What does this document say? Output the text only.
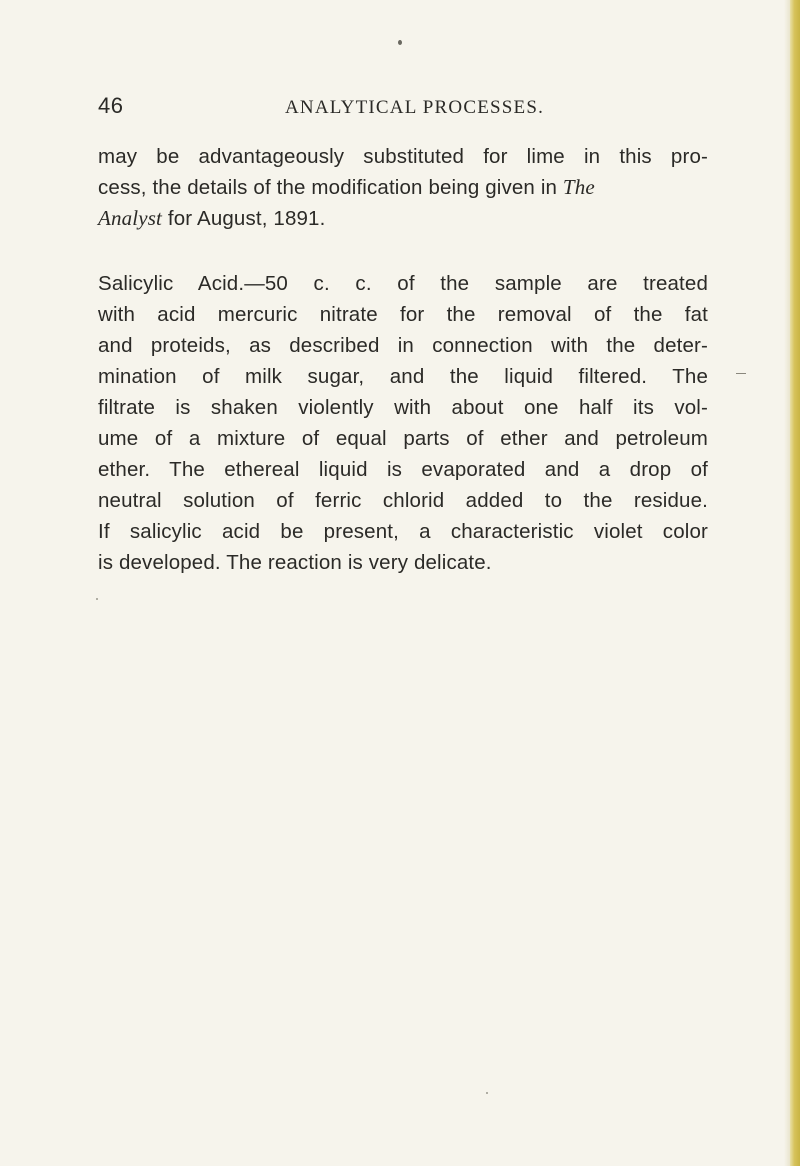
46	ANALYTICAL PROCESSES.
may be advantageously substituted for lime in this pro-
cess, the details of the modification being given in The
Analyst for August, 1891.
Salicylic Acid.—50 c. c. of the sample are treated
with acid mercuric nitrate for the removal of the fat
and proteids, as described in connection with the deter-
mination of milk sugar, and the liquid filtered. The
filtrate is shaken violently with about one half its vol-
ume of a mixture of equal parts of ether and petroleum
ether. The ethereal liquid is evaporated and a drop of
neutral solution of ferric chlorid added to the residue.
If salicylic acid be present, a characteristic violet color
is developed. The reaction is very delicate.
